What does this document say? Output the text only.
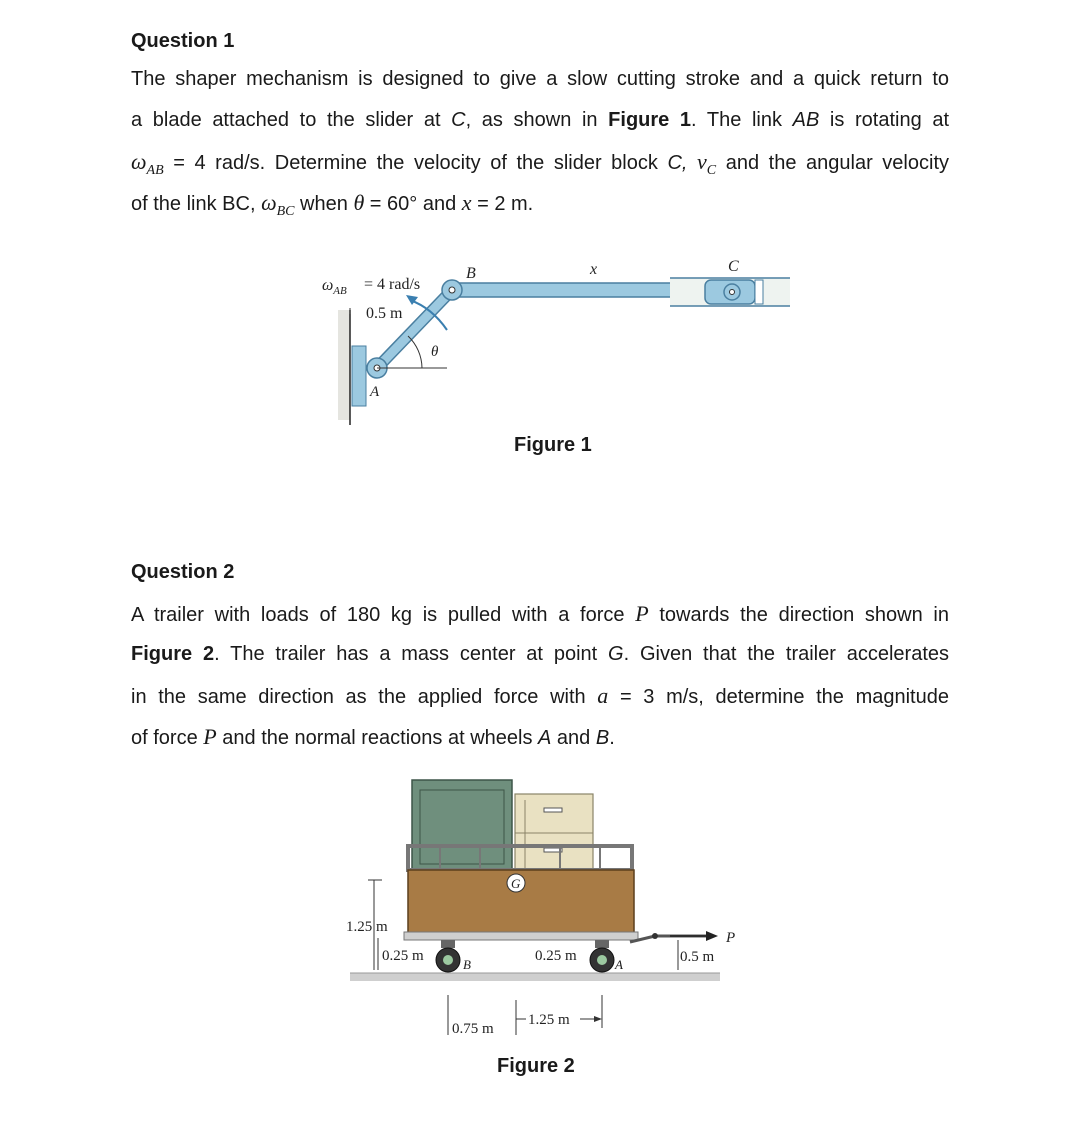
Question 1
The shaper mechanism is designed to give a slow cutting stroke and a quick return to
a blade attached to the slider at C, as shown in Figure 1. The link AB is rotating at
$\omega_{AB} = 4$ rad/s. Determine the velocity of the slider block C, $v_C$ and the angular velocity
of the link BC, $\omega_{BC}$ when θ = 60° and x = 2 m.
$\omega_{AB} = 4$ rad/s
0.5 m
B	x	C
θ
A
Figure 1
Question 2
A trailer with loads of 180 kg is pulled with a force P towards the direction shown in
Figure 2. The trailer has a mass center at point G. Given that the trailer accelerates
in the same direction as the applied force with a = 3 m/s, determine the magnitude
of force P and the normal reactions at wheels A and B.
G
P
B	A
1.25 m
0.25 m	0.25 m	0.5 m
0.75 m
1.25 m
Figure 2
